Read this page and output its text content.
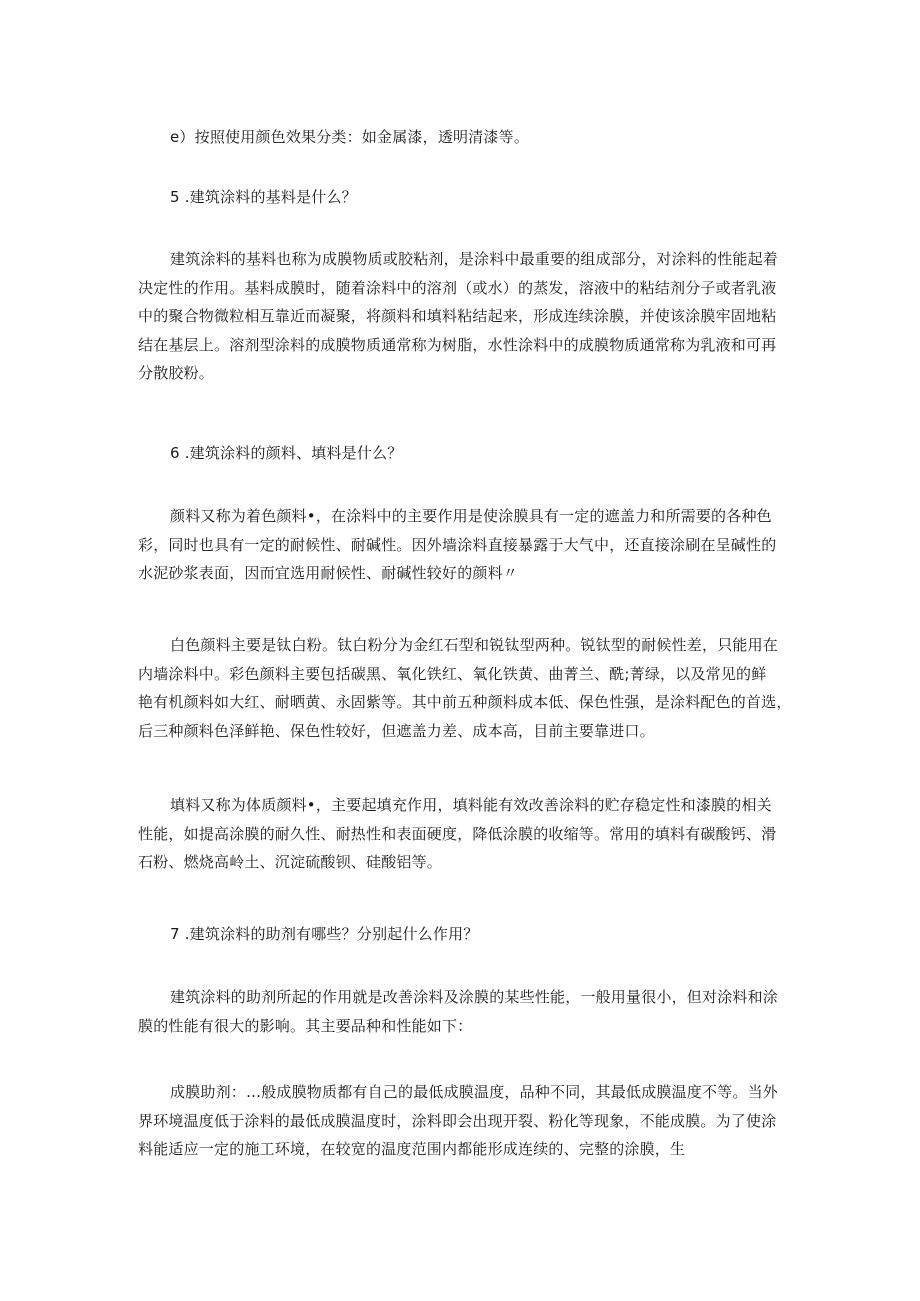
e）按照使用颜色效果分类：如金属漆，透明清漆等。
5 .建筑涂料的基料是什么？
建筑涂料的基料也称为成膜物质或胶粘剂，是涂料中最重要的组成部分，对涂料的性能起着
决定性的作用。基料成膜时，随着涂料中的溶剂（或水）的蒸发，溶液中的粘结剂分子或者乳液
中的聚合物微粒相互靠近而凝聚，将颜料和填料粘结起来，形成连续涂膜，并使该涂膜牢固地粘
结在基层上。溶剂型涂料的成膜物质通常称为树脂，水性涂料中的成膜物质通常称为乳液和可再
分散胶粉。
6 .建筑涂料的颜料、填料是什么？
颜料又称为着色颜料•，在涂料中的主要作用是使涂膜具有一定的遮盖力和所需要的各种色
彩，同时也具有一定的耐候性、耐碱性。因外墙涂料直接暴露于大气中，还直接涂刷在呈碱性的
水泥砂浆表面，因而宜选用耐候性、耐碱性较好的颜料〃
白色颜料主要是钛白粉。钛白粉分为金红石型和锐钛型两种。锐钛型的耐候性差，只能用在
内墙涂料中。彩色颜料主要包括碳黑、氧化铁红、氧化铁黄、曲菁兰、酰;菁绿，以及常见的鲜
艳有机颜料如大红、耐晒黄、永固紫等。其中前五种颜料成本低、保色性强，是涂料配色的首选，
后三种颜料色泽鲜艳、保色性较好，但遮盖力差、成本高，目前主要靠进口。
填料又称为体质颜料•，主要起填充作用，填料能有效改善涂料的贮存稳定性和漆膜的相关
性能，如提高涂膜的耐久性、耐热性和表面硬度，降低涂膜的收缩等。常用的填料有碳酸钙、滑
石粉、燃烧高岭土、沉淀硫酸钡、硅酸铝等。
7 .建筑涂料的助剂有哪些？分别起什么作用？
建筑涂料的助剂所起的作用就是改善涂料及涂膜的某些性能，一般用量很小，但对涂料和涂
膜的性能有很大的影响。其主要品种和性能如下：
成膜助剂：…般成膜物质都有自己的最低成膜温度，品种不同，其最低成膜温度不等。当外
界环境温度低于涂料的最低成膜温度时，涂料即会出现开裂、粉化等现象，不能成膜。为了使涂
料能适应一定的施工环境，在较宽的温度范围内都能形成连续的、完整的涂膜，生
